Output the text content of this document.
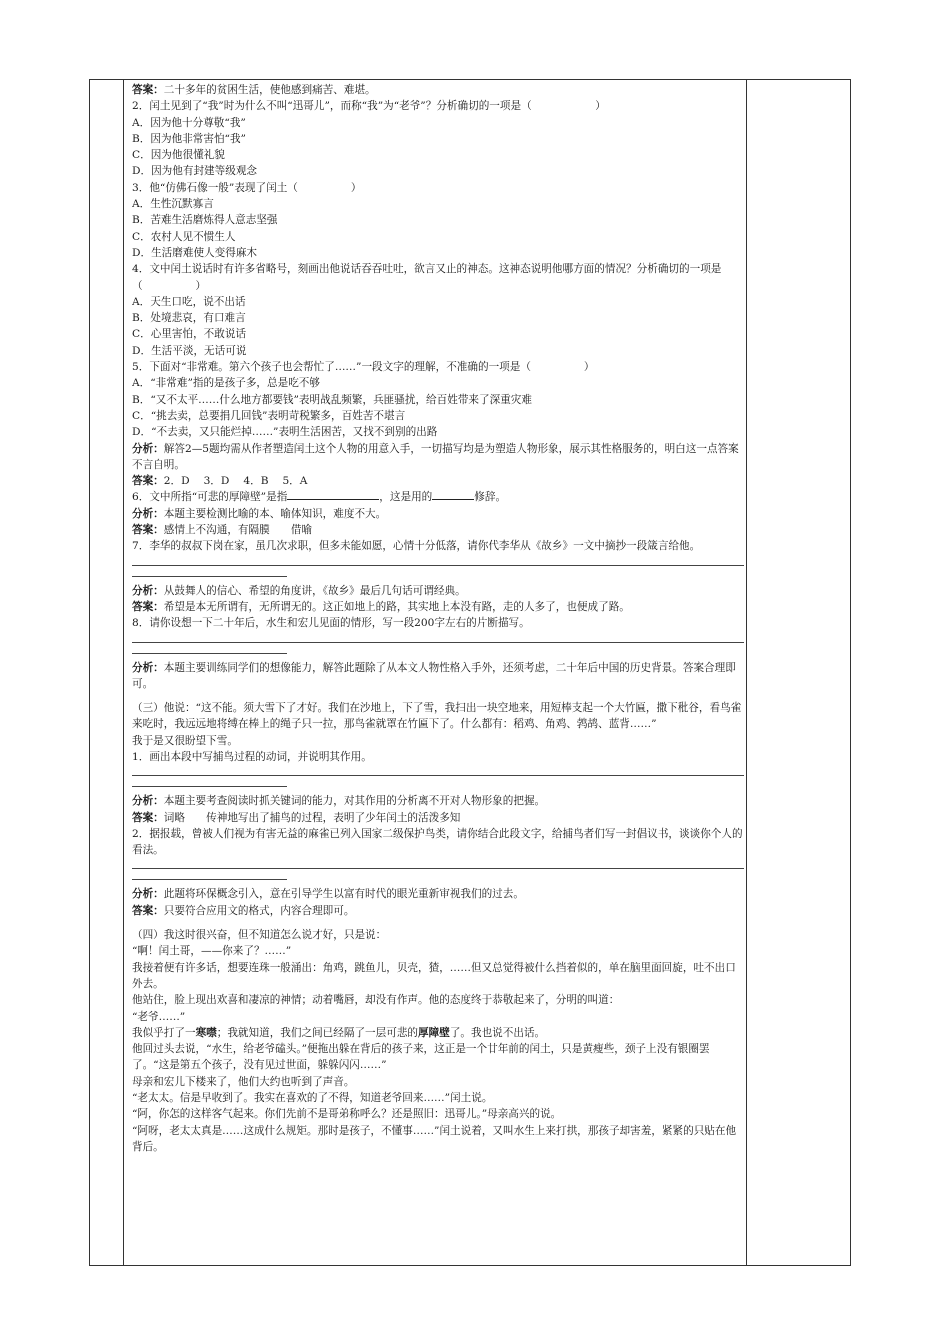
答案：二十多年的贫困生活，使他感到痛苦、难堪。
2．闰土见到了“我”时为什么不叫“迅哥儿”，而称“我”为“老爷”？分析确切的一项是（　　　　　　）
A．因为他十分尊敬“我”
B．因为他非常害怕“我”
C．因为他很懂礼貌
D．因为他有封建等级观念
3．他“仿佛石像一般”表现了闰土（　　　　　）
A．生性沉默寡言
B．苦难生活磨炼得人意志坚强
C．农村人见不惯生人
D．生活磨难使人变得麻木
4．文中闰土说话时有许多省略号，刻画出他说话吞吞吐吐，欲言又止的神态。这神态说明他哪方面的情况？分析确切的一项是（　　　　　）
A．天生口吃，说不出话
B．处境悲哀，有口难言
C．心里害怕，不敢说话
D．生活平淡，无话可说
5．下面对“非常难。第六个孩子也会帮忙了……”一段文字的理解，不准确的一项是（　　　　　）
A．“非常难”指的是孩子多，总是吃不够
B．“又不太平……什么地方都要钱”表明战乱频繁，兵匪骚扰，给百姓带来了深重灾难
C．“挑去卖，总要捐几回钱”表明苛税繁多，百姓苦不堪言
D．“不去卖，又只能烂掉……”表明生活困苦，又找不到别的出路
分析：解答2—5题均需从作者塑造闰土这个人物的用意入手，一切描写均是为塑造人物形象，展示其性格服务的，明白这一点答案不言自明。
答案：2．D　 3．D　 4．B　 5．A
6．文中所指“可悲的厚障壁”是指	，这是用的	修辞。
分析：本题主要检测比喻的本、喻体知识，难度不大。
答案：感情上不沟通，有隔膜　　借喻
7．李华的叔叔下岗在家，虽几次求职，但多未能如愿，心情十分低落，请你代李华从《故乡》一文中摘抄一段箴言给他。
分析：从鼓舞人的信心、希望的角度讲，《故乡》最后几句话可谓经典。
答案：希望是本无所谓有，无所谓无的。这正如地上的路，其实地上本没有路，走的人多了，也便成了路。
8．请你设想一下二十年后，水生和宏儿见面的情形，写一段200字左右的片断描写。
分析：本题主要训练同学们的想像能力，解答此题除了从本文人物性格入手外，还须考虑，二十年后中国的历史背景。答案合理即可。
（三）他说：“这不能。须大雪下了才好。我们在沙地上，下了雪，我扫出一块空地来，用短棒支起一个大竹匾，撒下秕谷，看鸟雀来吃时，我远远地将缚在棒上的绳子只一拉，那鸟雀就罩在竹匾下了。什么都有：稻鸡、角鸡、鹁鸪、蓝背……”
我于是又很盼望下雪。
1．画出本段中写捕鸟过程的动词，并说明其作用。
分析：本题主要考查阅读时抓关键词的能力，对其作用的分析离不开对人物形象的把握。
答案：词略　　传神地写出了捕鸟的过程，表明了少年闰土的活泼多知
2．据报载，曾被人们视为有害无益的麻雀已列入国家二级保护鸟类，请你结合此段文字，给捕鸟者们写一封倡议书，谈谈你个人的看法。
分析：此题将环保概念引入，意在引导学生以富有时代的眼光重新审视我们的过去。
答案：只要符合应用文的格式，内容合理即可。
（四）我这时很兴奋，但不知道怎么说才好，只是说：
“啊！闰土哥，——你来了？……”
我接着便有许多话，想要连珠一般涌出：角鸡，跳鱼儿，贝壳，猹，……但又总觉得被什么挡着似的，单在脑里面回旋，吐不出口外去。
他站住，脸上现出欢喜和凄凉的神情；动着嘴唇，却没有作声。他的态度终于恭敬起来了，分明的叫道：
“老爷……”
我似乎打了一寒噤；我就知道，我们之间已经隔了一层可悲的厚障壁了。我也说不出话。
他回过头去说，“水生，给老爷磕头。”便拖出躲在背后的孩子来，这正是一个廿年前的闰土，只是黄瘦些，颈子上没有银圈罢了。“这是第五个孩子，没有见过世面，躲躲闪闪……”
母亲和宏儿下楼来了，他们大约也听到了声音。
“老太太。信是早收到了。我实在喜欢的了不得，知道老爷回来……”闰土说。
“阿，你怎的这样客气起来。你们先前不是哥弟称呼么？还是照旧：迅哥儿。”母亲高兴的说。
“阿呀，老太太真是……这成什么规矩。那时是孩子，不懂事……”闰土说着，又叫水生上来打拱，那孩子却害羞，紧紧的只贴在他背后。
